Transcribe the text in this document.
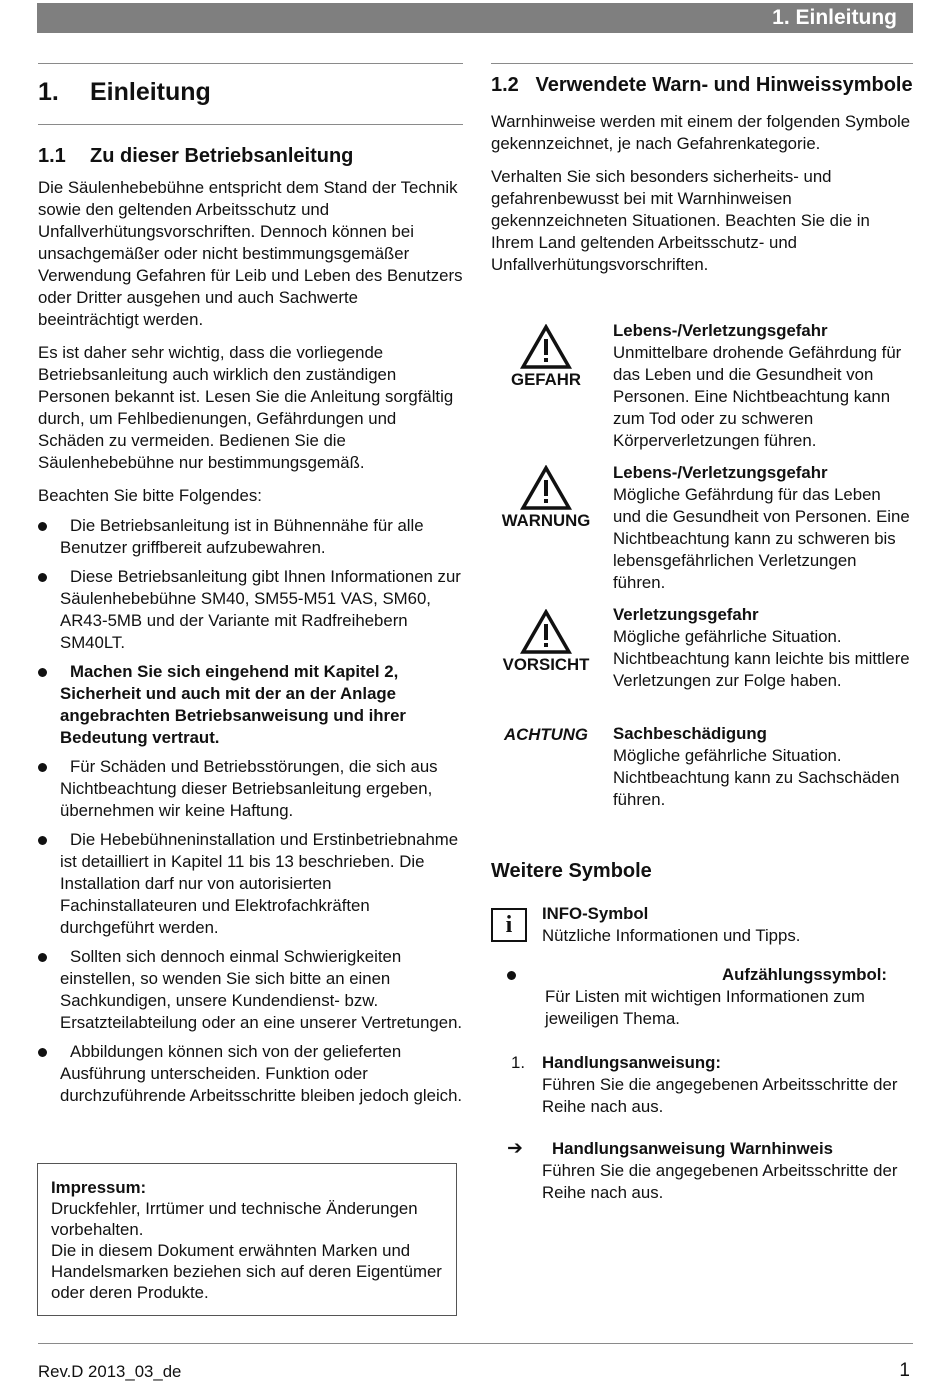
1. Einleitung
1. Einleitung
1.1 Zu dieser Betriebsanleitung

Die Säulenhebebühne entspricht dem Stand der Technik sowie den geltenden Arbeitsschutz und Unfallverhütungsvorschriften. Dennoch können bei unsachgemäßer oder nicht bestimmungsgemäßer Verwendung Gefahren für Leib und Leben des Benutzers oder Dritter ausgehen und auch Sachwerte beeinträchtigt werden.

Es ist daher sehr wichtig, dass die vorliegende Betriebsanleitung auch wirklich den zuständigen Personen bekannt ist. Lesen Sie die Anleitung sorgfältig durch, um Fehlbedienungen, Gefährdungen und Schäden zu vermeiden. Bedienen Sie die Säulenhebebühne nur bestimmungsgemäß.

Beachten Sie bitte Folgendes:

Die Betriebsanleitung ist in Bühnennähe für alle Benutzer griffbereit aufzubewahren.
Diese Betriebsanleitung gibt Ihnen Informationen zur Säulenhebebühne SM40, SM55-M51 VAS, SM60, AR43-5MB und der Variante mit Radfreihebern SM40LT.
Machen Sie sich eingehend mit Kapitel 2, Sicherheit und auch mit der an der Anlage angebrachten Betriebsanweisung und ihrer Bedeutung vertraut.
Für Schäden und Betriebsstörungen, die sich aus Nichtbeachtung dieser Betriebsanleitung ergeben, übernehmen wir keine Haftung.
Die Hebebühneninstallation und Erstinbetriebnahme ist detailliert in Kapitel 11 bis 13 beschrieben. Die Installation darf nur von autorisierten Fachinstallateuren und Elektrofachkräften durchgeführt werden.
Sollten sich dennoch einmal Schwierigkeiten einstellen, so wenden Sie sich bitte an einen Sachkundigen, unsere Kundendienst- bzw. Ersatzteilabteilung oder an eine unserer Vertretungen.
Abbildungen können sich von der gelieferten Ausführung unterscheiden. Funktion oder durchzuführende Arbeitsschritte bleiben jedoch gleich.
Impressum:
Druckfehler, Irrtümer und technische Änderungen vorbehalten.
Die in diesem Dokument erwähnten Marken und Handelsmarken beziehen sich auf deren Eigentümer oder deren Produkte.
1.2 Verwendete Warn- und Hinweissymbole

Warnhinweise werden mit einem der folgenden Symbole gekennzeichnet, je nach Gefahrenkategorie.

Verhalten Sie sich besonders sicherheits- und gefahrenbewusst bei mit Warnhinweisen gekennzeichneten Situationen. Beachten Sie die in Ihrem Land geltenden Arbeitsschutz- und Unfallverhütungsvorschriften.

GEFAHR
Lebens-/Verletzungsgefahr
Unmittelbare drohende Gefährdung für das Leben und die Gesundheit von Personen. Eine Nichtbeachtung kann zum Tod oder zu schweren Körperverletzungen führen.
WARNUNG
Lebens-/Verletzungsgefahr
Mögliche Gefährdung für das Leben und die Gesundheit von Personen. Eine Nichtbeachtung kann zu schweren bis lebensgefährlichen Verletzungen führen.
VORSICHT
Verletzungsgefahr
Mögliche gefährliche Situation. Nichtbeachtung kann leichte bis mittlere Verletzungen zur Folge haben.
ACHTUNG	Sachbeschädigung
Mögliche gefährliche Situation. Nichtbeachtung kann zu Sachschäden führen.
Weitere Symbole
i	INFO-Symbol
Nützliche Informationen und Tipps.
Aufzählungssymbol:
Für Listen mit wichtigen Informationen zum jeweiligen Thema.
1. Handlungsanweisung:
Führen Sie die angegebenen Arbeitsschritte der Reihe nach aus.
➔ Handlungsanweisung Warnhinweis
Führen Sie die angegebenen Arbeitsschritte der Reihe nach aus.
Rev.D 2013_03_de	1
